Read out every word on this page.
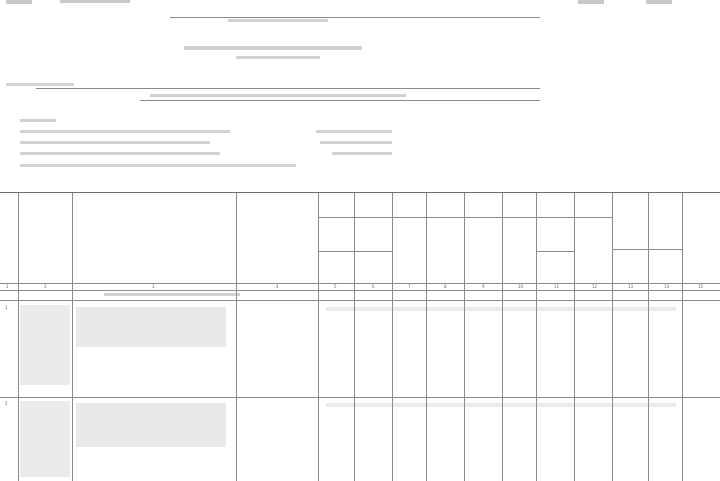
1	2	3	4	5	6	7	8	9	10	11	12	13	14	15
1
2
